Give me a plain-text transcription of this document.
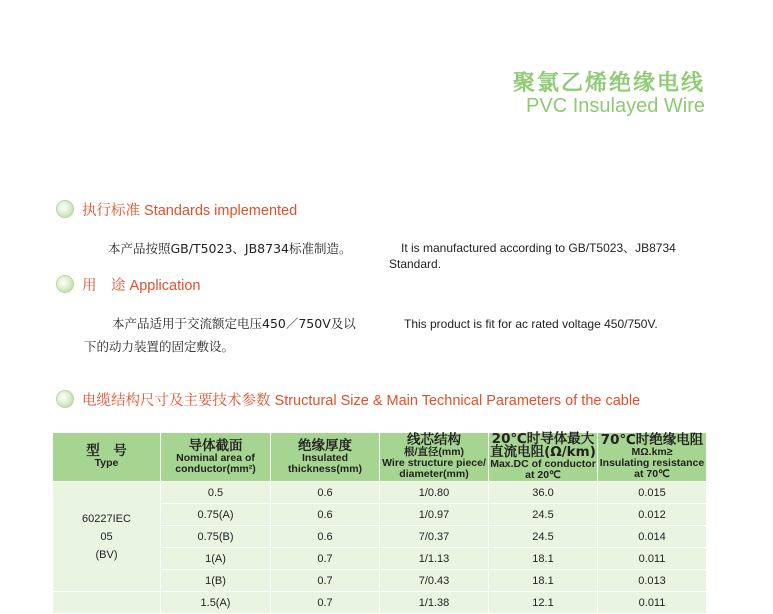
聚氯乙烯绝缘电线
PVC Insulayed Wire
执行标准 Standards implemented
本产品按照GB/T5023、JB8734标准制造。	It is manufactured according to GB/T5023、JB8734
Standard.
用　途 Application
本产品适用于交流额定电压450／750V及以
下的动力装置的固定敷设。
This product is fit for ac rated voltage 450/750V.
电缆结构尺寸及主要技术参数 Structural Size & Main Technical Parameters of the cable
型　号
Type	导体截面
Nominal area of
conductor(mm²)	绝缘厚度
Insulated
thickness(mm)	线芯结构
根/直径(mm)
Wire structure piece/
diameter(mm)	20℃时导体最大
直流电阻(Ω/km)
Max.DC of conductor
at 20℃	70℃时绝缘电阻
MΩ.km≥
Insulating resistance
at 70℃

60227IEC
05
(BV)	0.5	0.6	1/0.80	36.0	0.015
	0.75(A)	0.6	1/0.97	24.5	0.012
	0.75(B)	0.6	7/0.37	24.5	0.014
	1(A)	0.7	1/1.13	18.1	0.011
	1(B)	0.7	7/0.43	18.1	0.013
	1.5(A)	0.7	1/1.38	12.1	0.011
